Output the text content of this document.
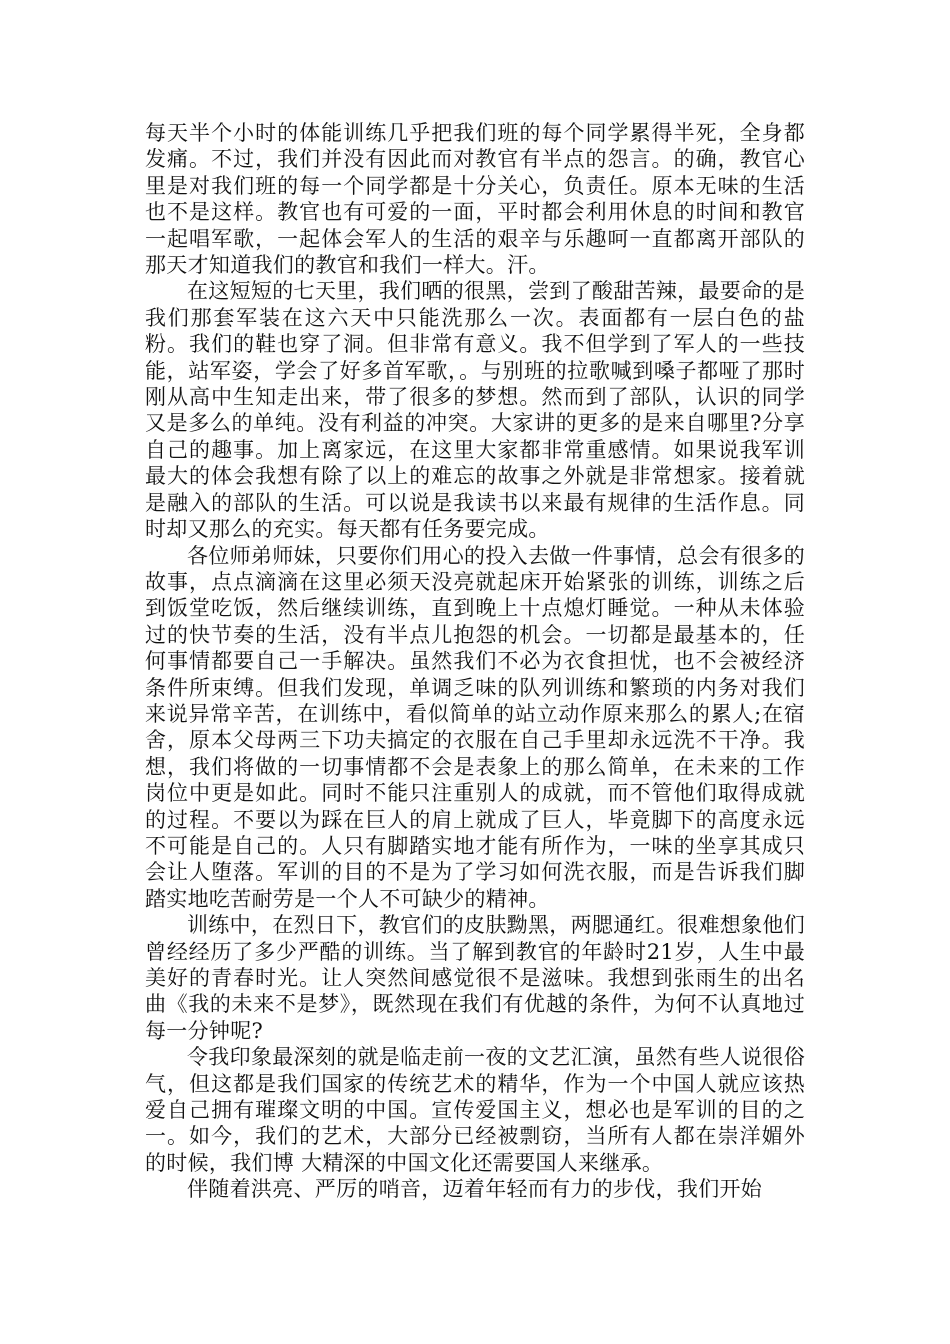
每天半个小时的体能训练几乎把我们班的每个同学累得半死，全身都发痛。不过，我们并没有因此而对教官有半点的怨言。的确，教官心里是对我们班的每一个同学都是十分关心，负责任。原本无味的生活也不是这样。教官也有可爱的一面，平时都会利用休息的时间和教官一起唱军歌，一起体会军人的生活的艰辛与乐趣呵一直都离开部队的那天才知道我们的教官和我们一样大。汗。

在这短短的七天里，我们晒的很黑，尝到了酸甜苦辣，最要命的是我们那套军装在这六天中只能洗那么一次。表面都有一层白色的盐粉。我们的鞋也穿了洞。但非常有意义。我不但学到了军人的一些技能，站军姿，学会了好多首军歌，。与别班的拉歌喊到嗓子都哑了那时刚从高中生知走出来，带了很多的梦想。然而到了部队，认识的同学又是多么的单纯。没有利益的冲突。大家讲的更多的是来自哪里?分享自己的趣事。加上离家远，在这里大家都非常重感情。如果说我军训最大的体会我想有除了以上的难忘的故事之外就是非常想家。接着就是融入的部队的生活。可以说是我读书以来最有规律的生活作息。同时却又那么的充实。每天都有任务要完成。

各位师弟师妹，只要你们用心的投入去做一件事情，总会有很多的故事，点点滴滴在这里必须天没亮就起床开始紧张的训练，训练之后到饭堂吃饭，然后继续训练，直到晚上十点熄灯睡觉。一种从未体验过的快节奏的生活，没有半点儿抱怨的机会。一切都是最基本的，任何事情都要自己一手解决。虽然我们不必为衣食担忧，也不会被经济条件所束缚。但我们发现，单调乏味的队列训练和繁琐的内务对我们来说异常辛苦，在训练中，看似简单的站立动作原来那么的累人;在宿舍，原本父母两三下功夫搞定的衣服在自己手里却永远洗不干净。我想，我们将做的一切事情都不会是表象上的那么简单，在未来的工作岗位中更是如此。同时不能只注重别人的成就，而不管他们取得成就的过程。不要以为踩在巨人的肩上就成了巨人，毕竟脚下的高度永远不可能是自己的。人只有脚踏实地才能有所作为，一味的坐享其成只会让人堕落。军训的目的不是为了学习如何洗衣服，而是告诉我们脚踏实地吃苦耐劳是一个人不可缺少的精神。

训练中，在烈日下，教官们的皮肤黝黑，两腮通红。很难想象他们曾经经历了多少严酷的训练。当了解到教官的年龄时21岁，人生中最美好的青春时光。让人突然间感觉很不是滋味。我想到张雨生的出名曲《我的未来不是梦》，既然现在我们有优越的条件，为何不认真地过每一分钟呢?

令我印象最深刻的就是临走前一夜的文艺汇演，虽然有些人说很俗气，但这都是我们国家的传统艺术的精华，作为一个中国人就应该热爱自己拥有璀璨文明的中国。宣传爱国主义，想必也是军训的目的之一。如今，我们的艺术，大部分已经被剽窃，当所有人都在崇洋媚外的时候，我们博 大精深的中国文化还需要国人来继承。

伴随着洪亮、严厉的哨音，迈着年轻而有力的步伐，我们开始
